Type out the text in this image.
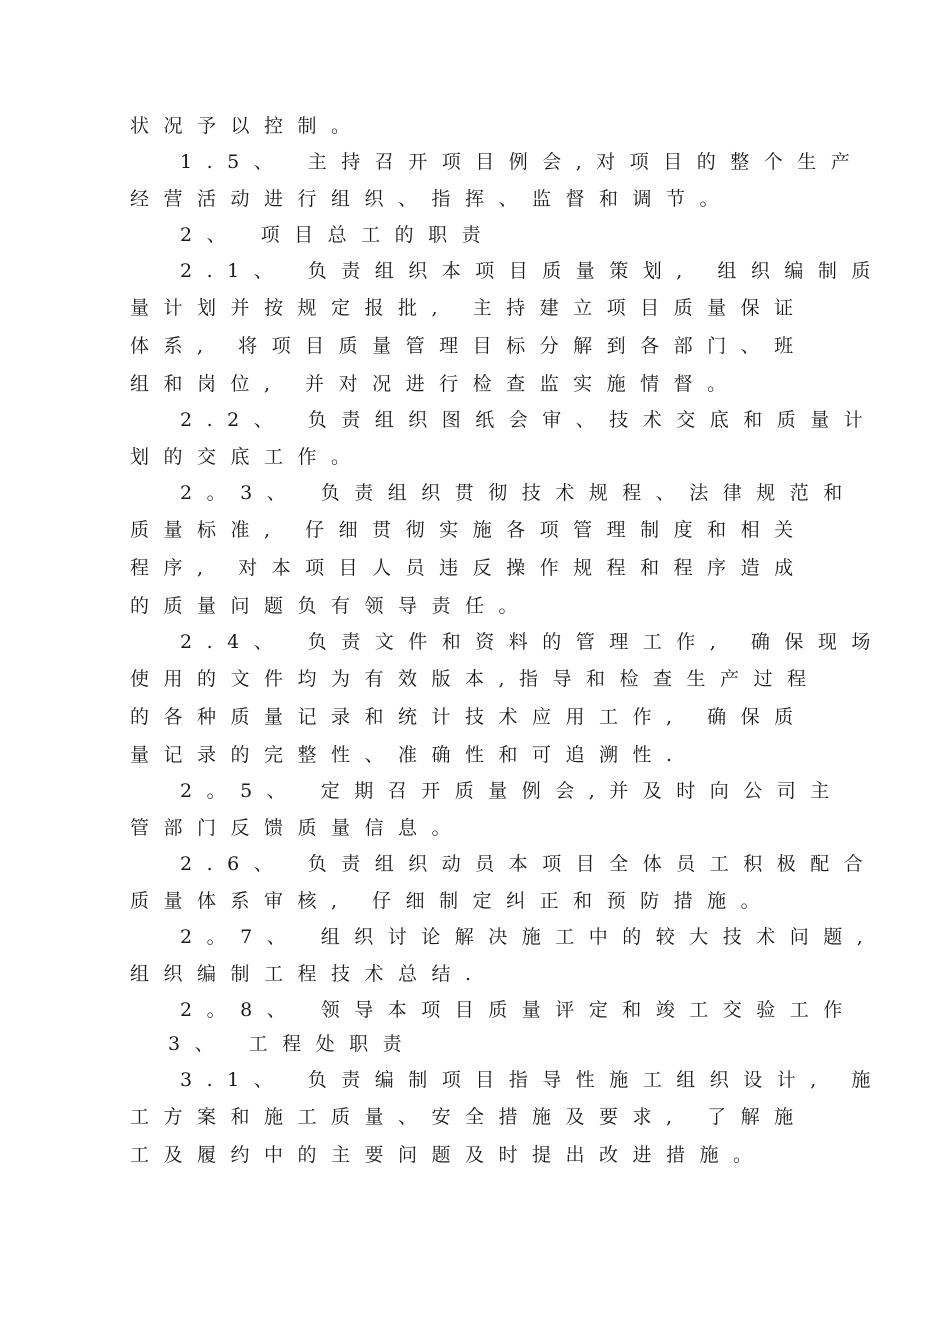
状况予以控制。
1.5、 主持召开项目例会,对项目的整个生产
经营活动进行组织、指挥、监督和调节。
2、 项目总工的职责
2.1、 负责组织本项目质量策划, 组织编制质
量计划并按规定报批, 主持建立项目质量保证
体系, 将项目质量管理目标分解到各部门、班
组和岗位, 并对况进行检查监实施情督。
2.2、 负责组织图纸会审、技术交底和质量计
划的交底工作。
2。3、 负责组织贯彻技术规程、法律规范和
质量标准, 仔细贯彻实施各项管理制度和相关
程序, 对本项目人员违反操作规程和程序造成
的质量问题负有领导责任。
2.4、 负责文件和资料的管理工作, 确保现场
使用的文件均为有效版本,指导和检查生产过程
的各种质量记录和统计技术应用工作, 确保质
量记录的完整性、准确性和可追溯性.
2。5、 定期召开质量例会,并及时向公司主
管部门反馈质量信息。
2.6、 负责组织动员本项目全体员工积极配合
质量体系审核, 仔细制定纠正和预防措施。
2。7、 组织讨论解决施工中的较大技术问题,
组织编制工程技术总结.
2。8、 领导本项目质量评定和竣工交验工作
3、 工程处职责
3.1、 负责编制项目指导性施工组织设计, 施
工方案和施工质量、安全措施及要求, 了解施
工及履约中的主要问题及时提出改进措施。
